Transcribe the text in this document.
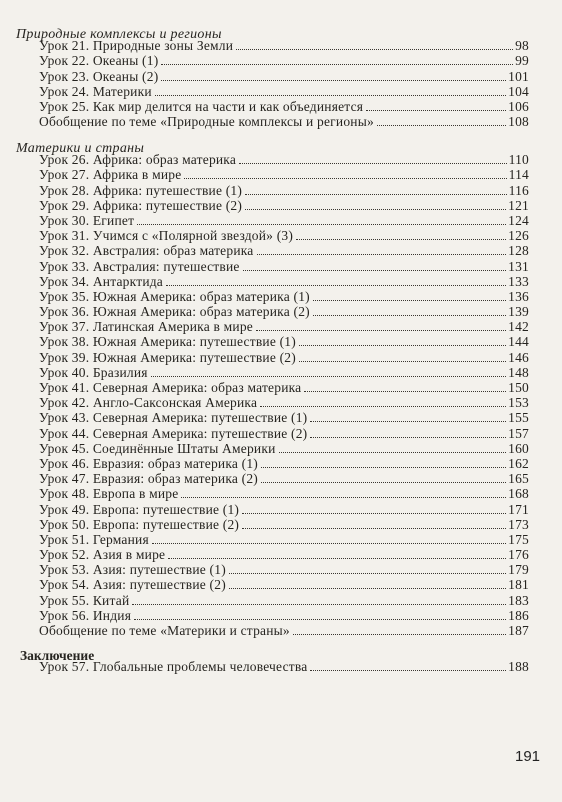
Природные комплексы и регионы
Урок 21. Природные зоны Земли	98
Урок 22. Океаны (1)	99
Урок 23. Океаны (2)	101
Урок 24. Материки	104
Урок 25. Как мир делится на части и как объединяется	106
Обобщение по теме «Природные комплексы и регионы»	108
Материки и страны
Урок 26. Африка: образ материка	110
Урок 27. Африка в мире	114
Урок 28. Африка: путешествие (1)	116
Урок 29. Африка: путешествие (2)	121
Урок 30. Египет	124
Урок 31. Учимся с «Полярной звездой» (3)	126
Урок 32. Австралия: образ материка	128
Урок 33. Австралия: путешествие	131
Урок 34. Антарктида	133
Урок 35. Южная Америка: образ материка (1)	136
Урок 36. Южная Америка: образ материка (2)	139
Урок 37. Латинская Америка в мире	142
Урок 38. Южная Америка: путешествие (1)	144
Урок 39. Южная Америка: путешествие (2)	146
Урок 40. Бразилия	148
Урок 41. Северная Америка: образ материка	150
Урок 42. Англо-Саксонская Америка	153
Урок 43. Северная Америка: путешествие (1)	155
Урок 44. Северная Америка: путешествие (2)	157
Урок 45. Соединённые Штаты Америки	160
Урок 46. Евразия: образ материка (1)	162
Урок 47. Евразия: образ материка (2)	165
Урок 48. Европа в мире	168
Урок 49. Европа: путешествие (1)	171
Урок 50. Европа: путешествие (2)	173
Урок 51. Германия	175
Урок 52. Азия в мире	176
Урок 53. Азия: путешествие (1)	179
Урок 54. Азия: путешествие (2)	181
Урок 55. Китай	183
Урок 56. Индия	186
Обобщение по теме «Материки и страны»	187
Заключение
Урок 57. Глобальные проблемы человечества	188
191
